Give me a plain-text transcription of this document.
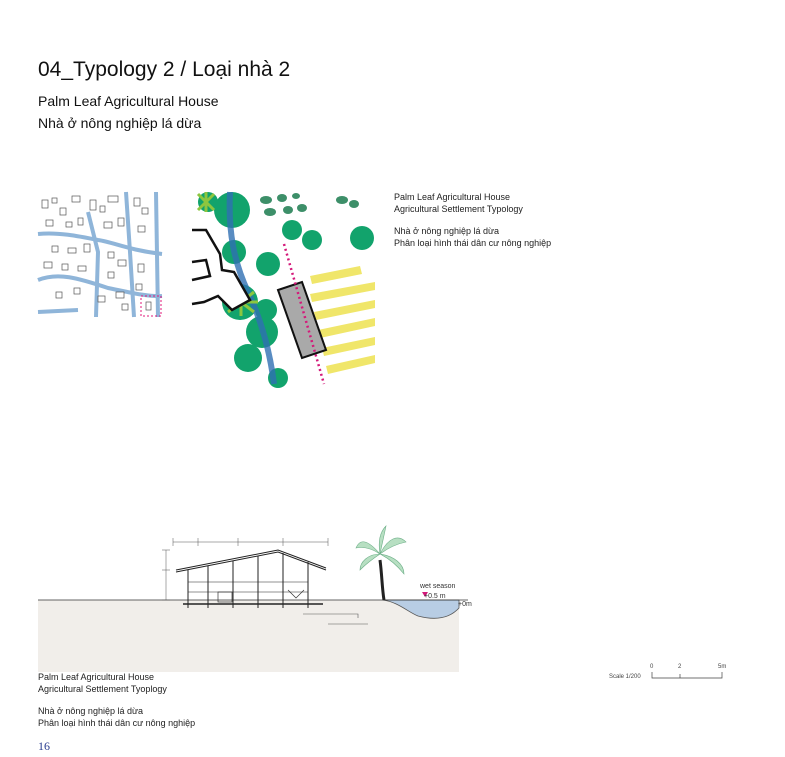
04_Typology 2 / Loại nhà 2
Palm Leaf Agricultural House
Nhà ở nông nghiệp lá dừa
Palm Leaf Agricultural House
Agricultural Settlement Typology
Nhà ở nông nghiệp lá dừa
Phân loại hình thái dân cư nông nghiệp
wet season
+0.5 m
+0m
Palm Leaf Agricultural House
Agricultural Settlement Tyoplogy
Nhà ở nông nghiệp lá dừa
Phân loại hình thái dân cư nông nghiệp
Scale 1/200
0	2	5m
16
